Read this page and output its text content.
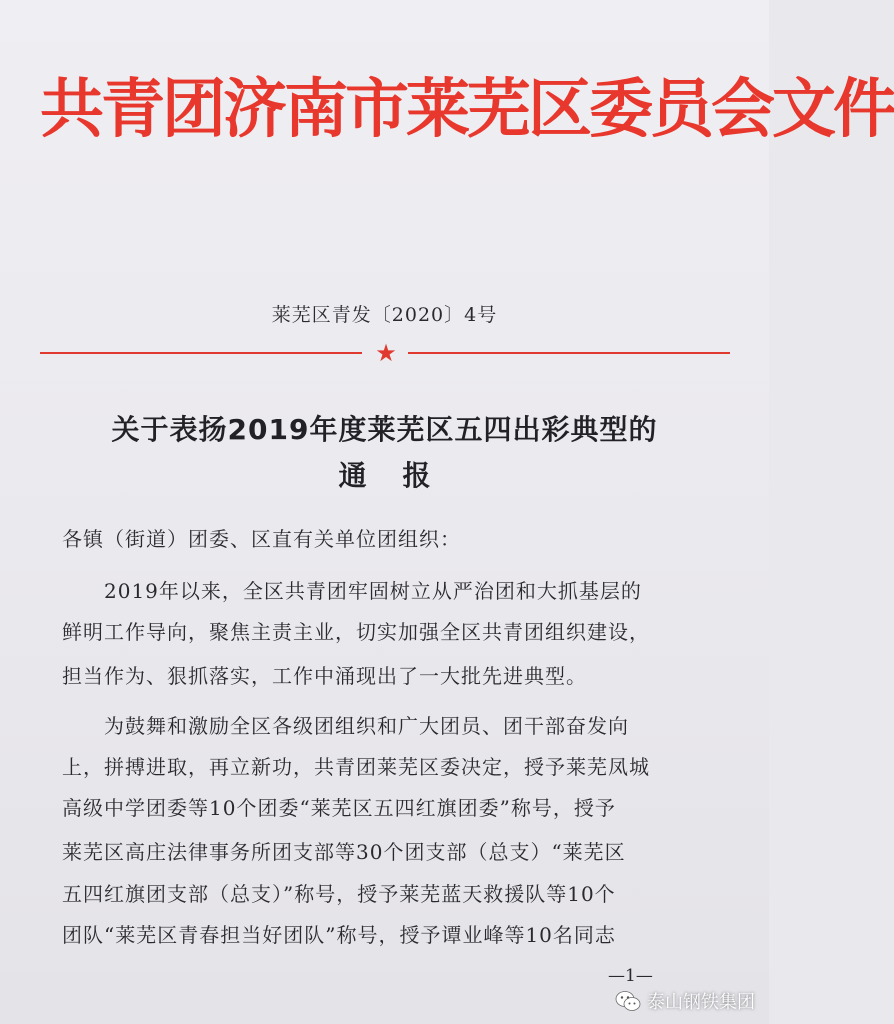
共青团济南市莱芜区委员会文件
莱芜区青发〔2020〕4号
★
关于表扬2019年度莱芜区五四出彩典型的
通报
各镇（街道）团委、区直有关单位团组织：
2019年以来，全区共青团牢固树立从严治团和大抓基层的
鲜明工作导向，聚焦主责主业，切实加强全区共青团组织建设，
担当作为、狠抓落实，工作中涌现出了一大批先进典型。
为鼓舞和激励全区各级团组织和广大团员、团干部奋发向
上，拼搏进取，再立新功，共青团莱芜区委决定，授予莱芜凤城
高级中学团委等10个团委“莱芜区五四红旗团委”称号，授予
莱芜区高庄法律事务所团支部等30个团支部（总支）“莱芜区
五四红旗团支部（总支）”称号，授予莱芜蓝天救援队等10个
团队“莱芜区青春担当好团队”称号，授予谭业峰等10名同志
—1—
泰山钢铁集团
